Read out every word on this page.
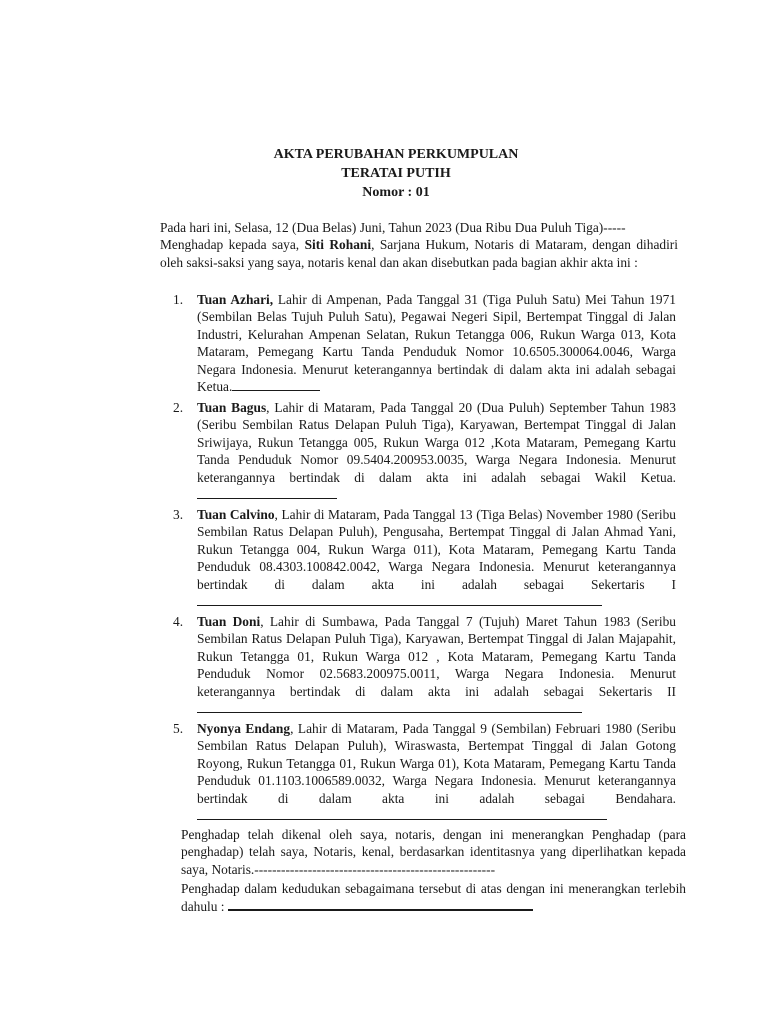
AKTA PERUBAHAN PERKUMPULAN
TERATAI PUTIH
Nomor : 01
Pada hari ini, Selasa, 12 (Dua Belas) Juni, Tahun 2023 (Dua Ribu Dua Puluh Tiga)-----
Menghadap kepada saya, Siti Rohani, Sarjana Hukum, Notaris di Mataram, dengan dihadiri oleh saksi-saksi yang saya, notaris kenal dan akan disebutkan pada bagian akhir akta ini :
1. Tuan Azhari, Lahir di Ampenan, Pada Tanggal 31 (Tiga Puluh Satu) Mei Tahun 1971 (Sembilan Belas Tujuh Puluh Satu), Pegawai Negeri Sipil, Bertempat Tinggal di Jalan Industri, Kelurahan Ampenan Selatan, Rukun Tetangga 006, Rukun Warga 013, Kota Mataram, Pemegang Kartu Tanda Penduduk Nomor 10.6505.300064.0046, Warga Negara Indonesia. Menurut keterangannya bertindak di dalam akta ini adalah sebagai Ketua.
2. Tuan Bagus, Lahir di Mataram, Pada Tanggal 20 (Dua Puluh) September Tahun 1983 (Seribu Sembilan Ratus Delapan Puluh Tiga), Karyawan, Bertempat Tinggal di Jalan Sriwijaya, Rukun Tetangga 005, Rukun Warga 012 ,Kota Mataram, Pemegang Kartu Tanda Penduduk Nomor 09.5404.200953.0035, Warga Negara Indonesia. Menurut keterangannya bertindak di dalam akta ini adalah sebagai Wakil Ketua.
3. Tuan Calvino, Lahir di Mataram, Pada Tanggal 13 (Tiga Belas) November 1980 (Seribu Sembilan Ratus Delapan Puluh), Pengusaha, Bertempat Tinggal di Jalan Ahmad Yani, Rukun Tetangga 004, Rukun Warga 011), Kota Mataram, Pemegang Kartu Tanda Penduduk 08.4303.100842.0042, Warga Negara Indonesia. Menurut keterangannya bertindak di dalam akta ini adalah sebagai Sekertaris I
4. Tuan Doni, Lahir di Sumbawa, Pada Tanggal 7 (Tujuh) Maret Tahun 1983 (Seribu Sembilan Ratus Delapan Puluh Tiga), Karyawan, Bertempat Tinggal di Jalan Majapahit, Rukun Tetangga 01, Rukun Warga 012 , Kota Mataram, Pemegang Kartu Tanda Penduduk Nomor 02.5683.200975.0011, Warga Negara Indonesia. Menurut keterangannya bertindak di dalam akta ini adalah sebagai Sekertaris II
5. Nyonya Endang, Lahir di Mataram, Pada Tanggal 9 (Sembilan) Februari 1980 (Seribu Sembilan Ratus Delapan Puluh), Wiraswasta, Bertempat Tinggal di Jalan Gotong Royong, Rukun Tetangga 01, Rukun Warga 01), Kota Mataram, Pemegang Kartu Tanda Penduduk 01.1103.1006589.0032, Warga Negara Indonesia. Menurut keterangannya bertindak di dalam akta ini adalah sebagai Bendahara.
Penghadap telah dikenal oleh saya, notaris, dengan ini menerangkan Penghadap (para penghadap) telah saya, Notaris, kenal, berdasarkan identitasnya yang diperlihatkan kepada saya, Notaris.------------------------------------------------------
Penghadap dalam kedudukan sebagaimana tersebut di atas dengan ini menerangkan terlebih dahulu :
